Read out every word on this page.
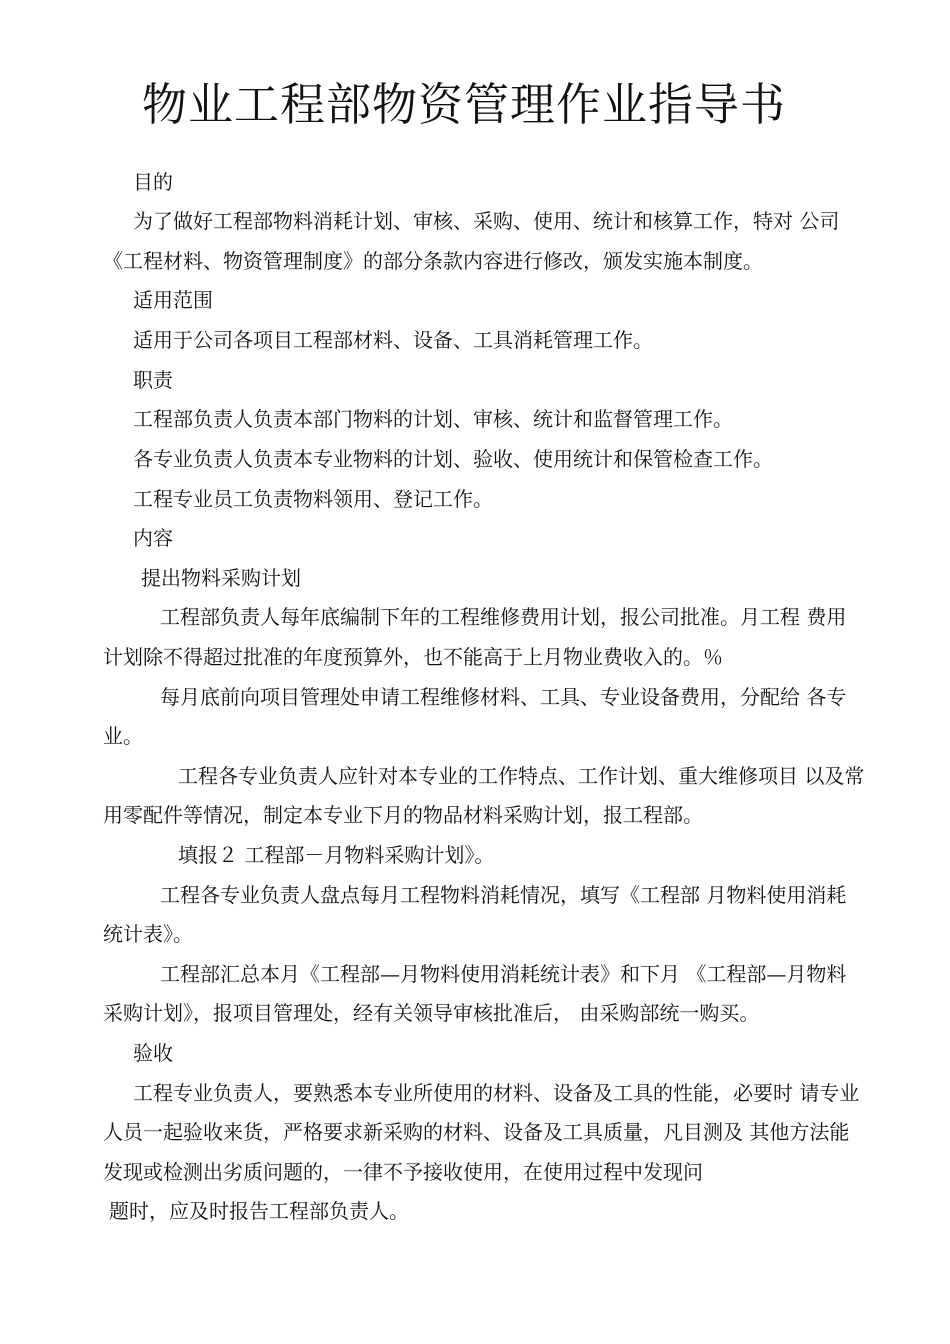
物业工程部物资管理作业指导书
目的
为了做好工程部物料消耗计划、审核、采购、使用、统计和核算工作，特对 公司
《工程材料、物资管理制度》的部分条款内容进行修改，颁发实施本制度。
适用范围
适用于公司各项目工程部材料、设备、工具消耗管理工作。
职责
工程部负责人负责本部门物料的计划、审核、统计和监督管理工作。
各专业负责人负责本专业物料的计划、验收、使用统计和保管检查工作。
工程专业员工负责物料领用、登记工作。
内容
提出物料采购计划
工程部负责人每年底编制下年的工程维修费用计划，报公司批准。月工程 费用
计划除不得超过批准的年度预算外，也不能高于上月物业费收入的。％
每月底前向项目管理处申请工程维修材料、工具、专业设备费用，分配给 各专
业。
工程各专业负责人应针对本专业的工作特点、工作计划、重大维修项目 以及常
用零配件等情况，制定本专业下月的物品材料采购计划，报工程部。
填报２ 工程部－月物料采购计划》。
工程各专业负责人盘点每月工程物料消耗情况，填写《工程部 月物料使用消耗
统计表》。
工程部汇总本月《工程部—月物料使用消耗统计表》和下月 《工程部—月物料
采购计划》，报项目管理处，经有关领导审核批准后， 由采购部统一购买。
验收
工程专业负责人，要熟悉本专业所使用的材料、设备及工具的性能，必要时 请专业
人员一起验收来货，严格要求新采购的材料、设备及工具质量，凡目测及 其他方法能
发现或检测出劣质问题的，一律不予接收使用，在使用过程中发现问
题时，应及时报告工程部负责人。
